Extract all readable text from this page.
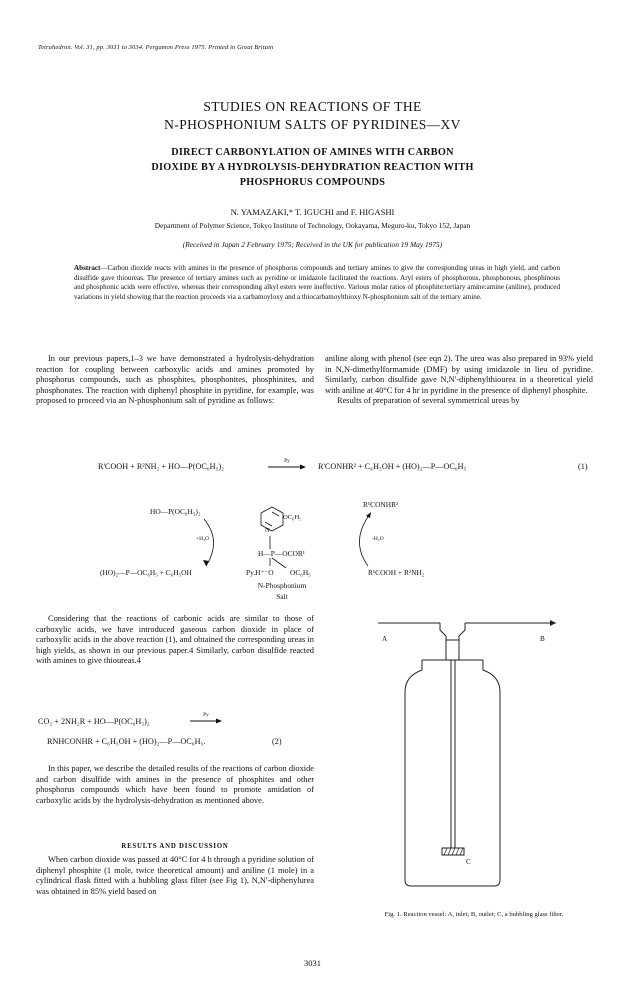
Tetrahedron. Vol. 31, pp. 3031 to 3034. Pergamon Press 1975. Printed in Great Britain
STUDIES ON REACTIONS OF THE
N-PHOSPHONIUM SALTS OF PYRIDINES—XV
DIRECT CARBONYLATION OF AMINES WITH CARBON
DIOXIDE BY A HYDROLYSIS-DEHYDRATION REACTION WITH
PHOSPHORUS COMPOUNDS
N. YAMAZAKI,* T. IGUCHI and F. HIGASHI
Department of Polymer Science, Tokyo Institute of Technology, Ookayama, Meguro-ku, Tokyo 152, Japan
(Received in Japan 2 February 1975; Received in the UK for publication 19 May 1975)
Abstract—Carbon dioxide reacts with amines in the presence of phosphorus compounds and tertiary amines to give the corresponding ureas in high yield, and carbon disulfide gave thioureas. The presence of tertiary amines such as pyridine or imidazole facilitated the reactions. Aryl esters of phosphorous, phosphonous, phosphinous and phosphonic acids were effective, whereas their corresponding alkyl esters were ineffective. Various molar ratios of phosphite:tertiary amine:amine (aniline), produced variations in yield showing that the reaction proceeds via a carbamoyloxy and a thiocarbamoylthioxy N-phosphonium salt of the tertiary amine.

In our previous papers,1–3 we have demonstrated a hydrolysis-dehydration reaction for coupling between carboxylic acids and amines promoted by phosphorus compounds, such as phosphites, phosphonites, phosphinites, and phosphonates. The reaction with diphenyl phosphite in pyridine, for example, was proposed to proceed via an N-phosphonium salt of pyridine as follows:

aniline along with phenol (see eqn 2). The urea was also prepared in 93% yield in N,N-dimethylformamide (DMF) by using imidazole in lieu of pyridine. Similarly, carbon disulfide gave N,N'-diphenylthiourea in a theoretical yield with aniline at 40°C for 4 hr in pyridine in the presence of diphenyl phosphite.

Results of preparation of several symmetrical ureas by

R'COOH + R²NH₂ + HO—P(OC₆H₅)₂
Py
R'CONHR² + C₆H₅OH + (HO)₂—P—OC₆H₅	(1)
HO—P(OC₆H₅)₂
R¹CONHR²
+H₂O	-H₂O
OC₆H₅
N
H—P—OCOR¹
(HO)₂—P—OC₆H₅ + C₆H₅OH	Py.H⁺⁻O OC₆H₅	R¹COOH + R²NH₂
N-Phosphonium
Salt

Considering that the reactions of carbonic acids are similar to those of carboxylic acids, we have introduced gaseous carbon dioxide in place of carboxylic acids in the above reaction (1), and obtained the corresponding ureas in high yields, as shown in our previous paper.4 Similarly, carbon disulfide reacted with amines to give thioureas.4

CO₂ + 2NH₂R + HO—P(OC₆H₅)₂
Py
RNHCONHR + C₆H₅OH + (HO)₂—P—OC₆H₅.	(2)

In this paper, we describe the detailed results of the reactions of carbon dioxide and carbon disulfide with amines in the presence of phosphites and other phosphorus compounds which have been found to promote amidation of carboxylic acids by the hydrolysis-dehydration as mentioned above.

RESULTS AND DISCUSSION

When carbon dioxide was passed at 40°C for 4 h through a pyridine solution of diphenyl phosphite (1 mole, twice theoretical amount) and aniline (1 mole) in a cylindrical flask fitted with a bubbling glass filter (see Fig 1), N,N'-diphenylurea was obtained in 85% yield based on

A	B
C
Fig. 1. Reaction vessel: A, inlet; B, outlet; C, a bubbling glass filter.
3031
